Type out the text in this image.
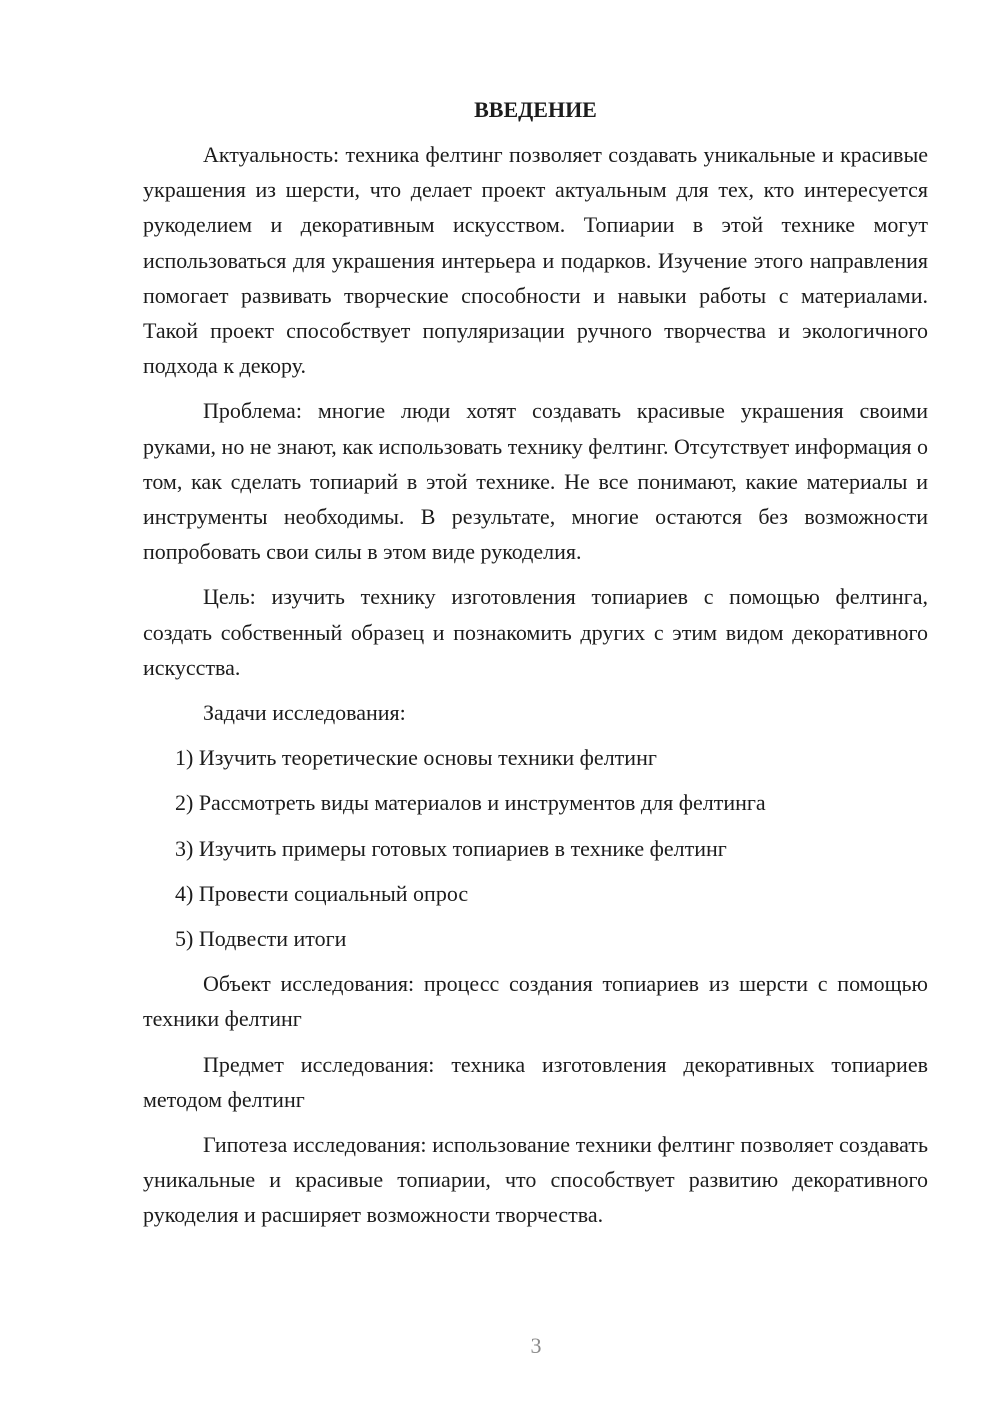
ВВЕДЕНИЕ

Актуальность: техника фелтинг позволяет создавать уникальные и красивые украшения из шерсти, что делает проект актуальным для тех, кто интересуется рукоделием и декоративным искусством. Топиарии в этой технике могут использоваться для украшения интерьера и подарков. Изучение этого направления помогает развивать творческие способности и навыки работы с материалами. Такой проект способствует популяризации ручного творчества и экологичного подхода к декору.

Проблема: многие люди хотят создавать красивые украшения своими руками, но не знают, как использовать технику фелтинг. Отсутствует информация о том, как сделать топиарий в этой технике. Не все понимают, какие материалы и инструменты необходимы. В результате, многие остаются без возможности попробовать свои силы в этом виде рукоделия.

Цель: изучить технику изготовления топиариев с помощью фелтинга, создать собственный образец и познакомить других с этим видом декоративного искусства.

Задачи исследования:

1) Изучить теоретические основы техники фелтинг

2) Рассмотреть виды материалов и инструментов для фелтинга

3) Изучить примеры готовых топиариев в технике фелтинг

4) Провести социальный опрос

5) Подвести итоги

Объект исследования: процесс создания топиариев из шерсти с помощью техники фелтинг

Предмет исследования: техника изготовления декоративных топиариев методом фелтинг

Гипотеза исследования: использование техники фелтинг позволяет создавать уникальные и красивые топиарии, что способствует развитию декоративного рукоделия и расширяет возможности творчества.

3
